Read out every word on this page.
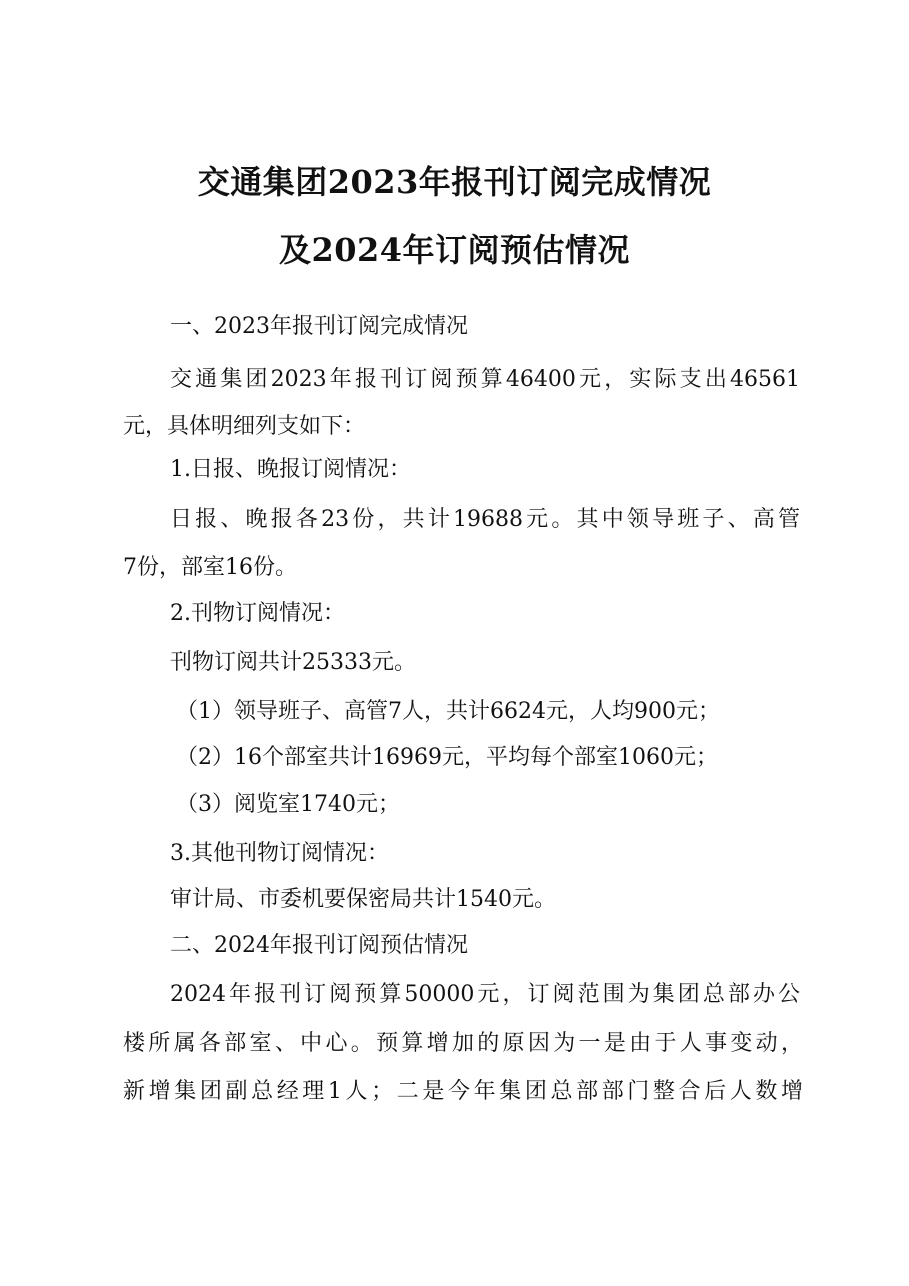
交通集团2023年报刊订阅完成情况
及2024年订阅预估情况
一、2023年报刊订阅完成情况
交通集团2023年报刊订阅预算46400元，实际支出46561
元，具体明细列支如下：
1.日报、晚报订阅情况：
日报、晚报各23份，共计19688元。其中领导班子、高管
7份，部室16份。
2.刊物订阅情况：
刊物订阅共计25333元。
（1）领导班子、高管7人，共计6624元，人均900元；
（2）16个部室共计16969元，平均每个部室1060元；
（3）阅览室1740元；
3.其他刊物订阅情况：
审计局、市委机要保密局共计1540元。
二、2024年报刊订阅预估情况
2024年报刊订阅预算50000元，订阅范围为集团总部办公
楼所属各部室、中心。预算增加的原因为一是由于人事变动，
新增集团副总经理1人；二是今年集团总部部门整合后人数增
